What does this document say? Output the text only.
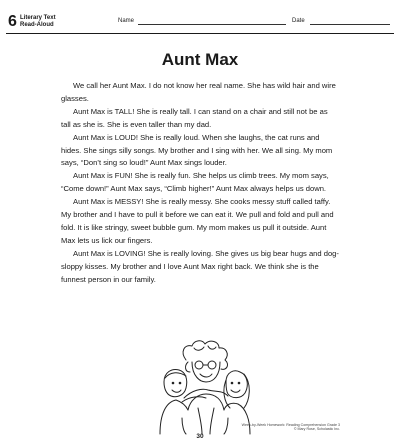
6 Literary Text
Read-Aloud
Name	Date
Aunt Max

We call her Aunt Max. I do not know her real name. She has wild hair and wire glasses.

Aunt Max is TALL! She is really tall. I can stand on a chair and still not be as tall as she is. She is even taller than my dad.

Aunt Max is LOUD! She is really loud. When she laughs, the cat runs and hides. She sings silly songs. My brother and I sing with her. We all sing. My mom says, “Don’t sing so loud!” Aunt Max sings louder.

Aunt Max is FUN! She is really fun. She helps us climb trees. My mom says, “Come down!” Aunt Max says, “Climb higher!” Aunt Max always helps us down.

Aunt Max is MESSY! She is really messy. She cooks messy stuff called taffy. My brother and I have to pull it before we can eat it. We pull and fold and pull and fold. It is like stringy, sweet bubble gum. My mom makes us pull it outside. Aunt Max lets us lick our fingers.

Aunt Max is LOVING! She is really loving. She gives us big bear hugs and dog-sloppy kisses. My brother and I love Aunt Max right back. We think she is the funnest person in our family.

Week-by-Week Homework: Reading Comprehension Grade 3
© Mary Rose, Scholastic Inc.
30
